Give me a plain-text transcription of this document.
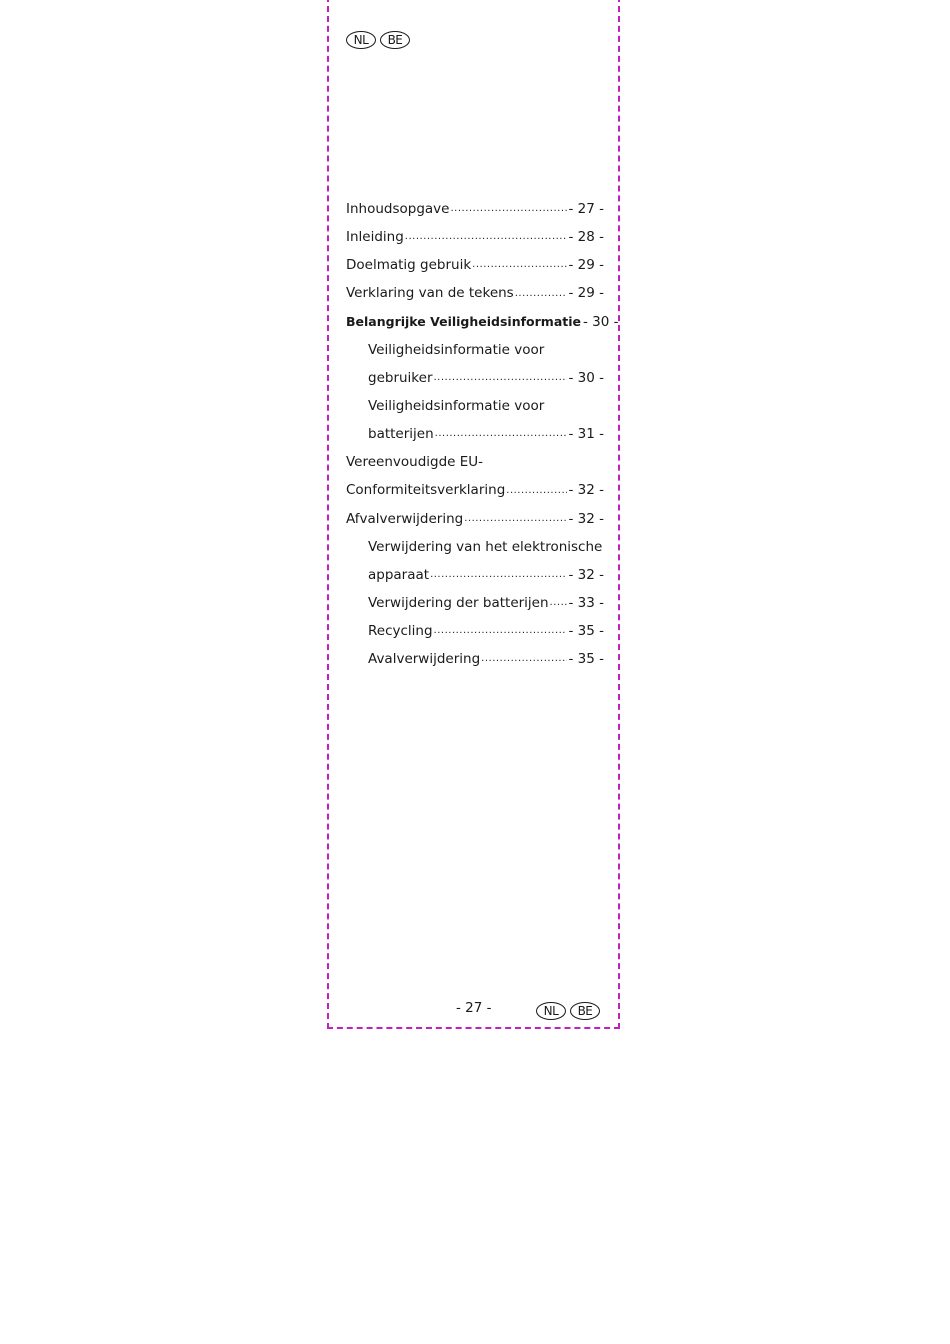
NL	BE
Inhoudsopgave .....	- 27 -
Inleiding .....	- 28 -
Doelmatig gebruik .....	- 29 -
Verklaring van de tekens .....	- 29 -
Belangrijke Veiligheidsinformatie - 30 -
Veiligheidsinformatie voor
gebruiker .....	- 30 -
Veiligheidsinformatie voor
batterijen .....	- 31 -
Vereenvoudigde EU-
Conformiteitsverklaring .....	- 32 -
Afvalverwijdering .....	- 32 -
Verwijdering van het elektronische
apparaat .....	- 32 -
Verwijdering der batterijen ..... - 33 -
Recycling .....	- 35 -
Avalverwijdering .....	- 35 -
- 27 -	NL	BE
